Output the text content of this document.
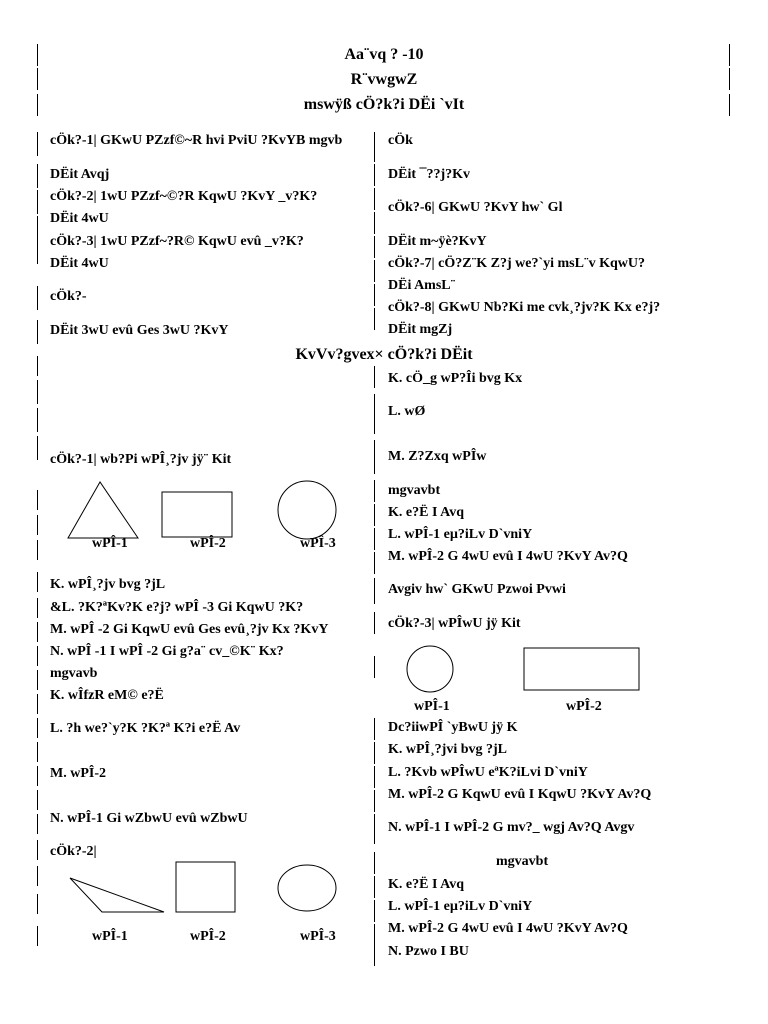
Aa¨vq ? -10
R¨vwgwZ
mswÿß cÖ?k?i DËi `vIt
cÖk?-1| GKwU PZzf©~R hvi PviU ?KvYB mgvb
DËit Avqj
cÖk?-2| 1wU PZzf~©?R KqwU ?KvY _v?K?
DËit 4wU
cÖk?-3| 1wU PZzf~?R© KqwU evû _v?K?
DËit 4wU
cÖk?-
DËit 3wU evû Ges 3wU ?KvY
cÖk
DËit ¯??j?Kv
cÖk?-6| GKwU ?KvY hw` Gl
DËit m~ÿè?KvY
cÖk?-7| cÖ?Z¨K Z?j we?`yi msL¨v KqwU?
DËi AmsL¨
cÖk?-8| GKwU Nb?Ki me cvk¸?jv?K Kx e?j?
DËit mgZj
KvVv?gvex× cÖ?k?i DËit
cÖk?-1| wb?Pi wPÎ¸?jv jÿ¨ Kit
wPÎ-1	wPÎ-2	wPÎ-3
K. wPÎ¸?jv bvg ?jL
&L. ?K?ªKv?K e?j? wPÎ -3 Gi KqwU ?K?
M. wPÎ -2 Gi KqwU evû Ges evû¸?jv Kx ?KvY
N. wPÎ -1 I wPÎ -2 Gi g?a¨ cv_©K¨ Kx?
mgvavb
K. wÎfzR eM© e?Ë
L. ?h we?`y?K ?K?ª K?i e?Ë Av
M. wPÎ-2
N. wPÎ-1 Gi wZbwU evû wZbwU
cÖk?-2|
wPÎ-1	wPÎ-2	wPÎ-3
K. cÖ_g wP?Îi bvg Kx
L. wØ
M. Z?Zxq wPÎw
mgvavbt
K. e?Ë I Avq
L. wPÎ-1 eµ?iLv D`vniY
M. wPÎ-2 G 4wU evû I 4wU ?KvY Av?Q
Avgiv hw` GKwU Pzwoi Pvwi
cÖk?-3| wPÎwU jÿ Kit
wPÎ-1	wPÎ-2
Dc?iiwPÎ `yBwU jÿ K
K. wPÎ¸?jvi bvg ?jL
L. ?Kvb wPÎwU eªK?iLvi D`vniY
M. wPÎ-2 G KqwU evû I KqwU ?KvY Av?Q
N. wPÎ-1 I wPÎ-2 G mv?_ wgj Av?Q Avgv
mgvavbt
K. e?Ë I Avq
L. wPÎ-1 eµ?iLv D`vniY
M. wPÎ-2 G 4wU evû I 4wU ?KvY Av?Q
N. Pzwo I BU
